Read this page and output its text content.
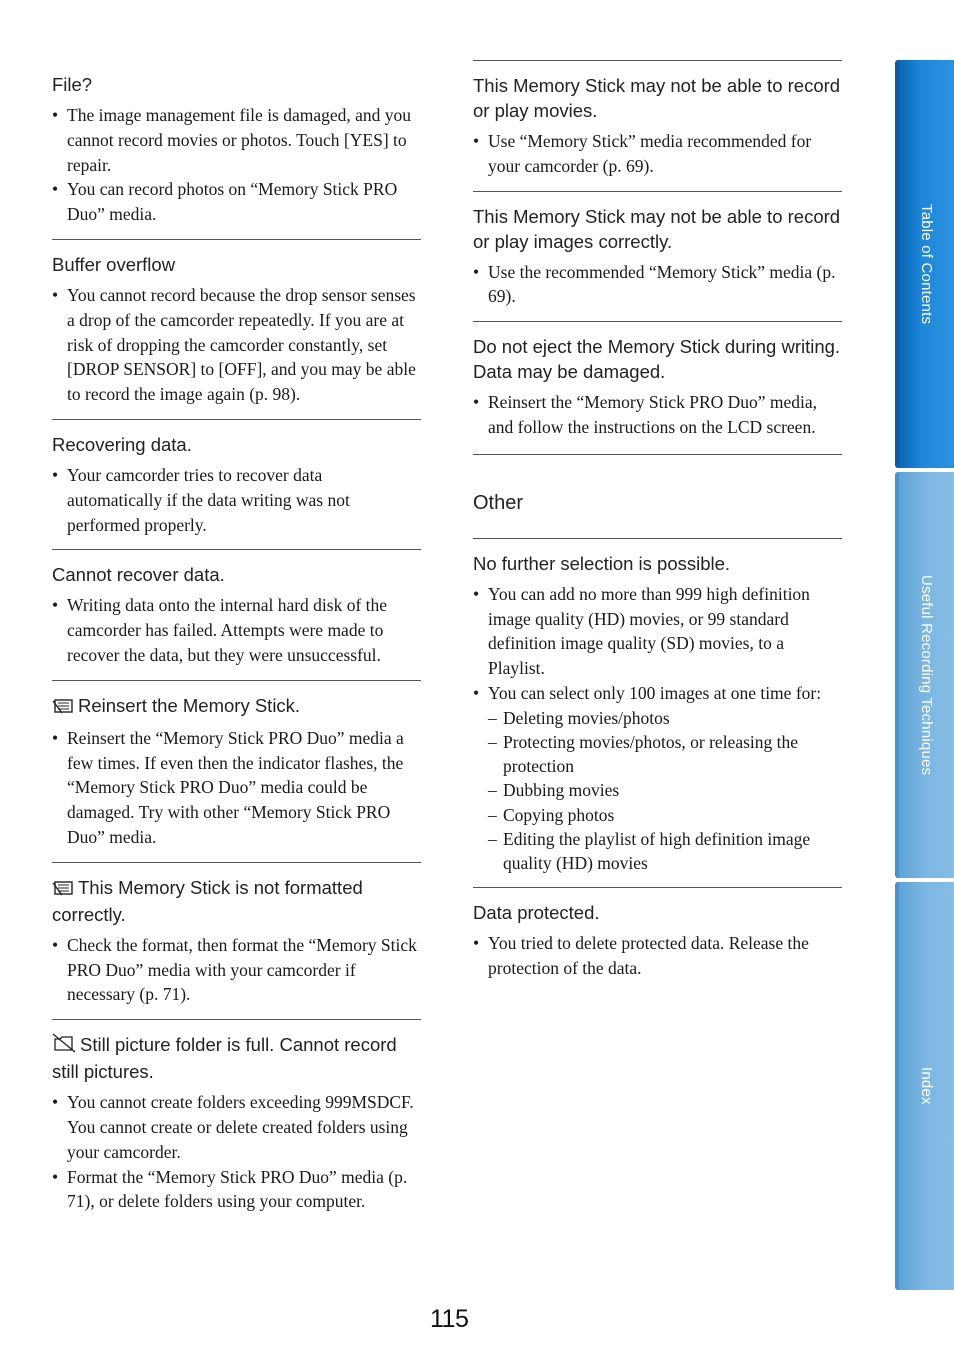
File?
• The image management file is damaged, and you cannot record movies or photos. Touch [YES] to repair.
• You can record photos on “Memory Stick PRO Duo” media.
Buffer overflow
• You cannot record because the drop sensor senses a drop of the camcorder repeatedly. If you are at risk of dropping the camcorder constantly, set [DROP SENSOR] to [OFF], and you may be able to record the image again (p. 98).
Recovering data.
• Your camcorder tries to recover data automatically if the data writing was not performed properly.
Cannot recover data.
• Writing data onto the internal hard disk of the camcorder has failed. Attempts were made to recover the data, but they were unsuccessful.
Reinsert the Memory Stick.
• Reinsert the “Memory Stick PRO Duo” media a few times. If even then the indicator flashes, the “Memory Stick PRO Duo” media could be damaged. Try with other “Memory Stick PRO Duo” media.
This Memory Stick is not formatted correctly.
• Check the format, then format the “Memory Stick PRO Duo” media with your camcorder if necessary (p. 71).
Still picture folder is full. Cannot record still pictures.
• You cannot create folders exceeding 999MSDCF. You cannot create or delete created folders using your camcorder.
• Format the “Memory Stick PRO Duo” media (p. 71), or delete folders using your computer.
This Memory Stick may not be able to record or play movies.
• Use “Memory Stick” media recommended for your camcorder (p. 69).
This Memory Stick may not be able to record or play images correctly.
• Use the recommended “Memory Stick” media (p. 69).
Do not eject the Memory Stick during writing. Data may be damaged.
• Reinsert the “Memory Stick PRO Duo” media, and follow the instructions on the LCD screen.
Other
No further selection is possible.
• You can add no more than 999 high definition image quality (HD) movies, or 99 standard definition image quality (SD) movies, to a Playlist.
• You can select only 100 images at one time for:
– Deleting movies/photos
– Protecting movies/photos, or releasing the protection
– Dubbing movies
– Copying photos
– Editing the playlist of high definition image quality (HD) movies
Data protected.
• You tried to delete protected data. Release the protection of the data.
115
Table of Contents
Useful Recording Techniques
Index
